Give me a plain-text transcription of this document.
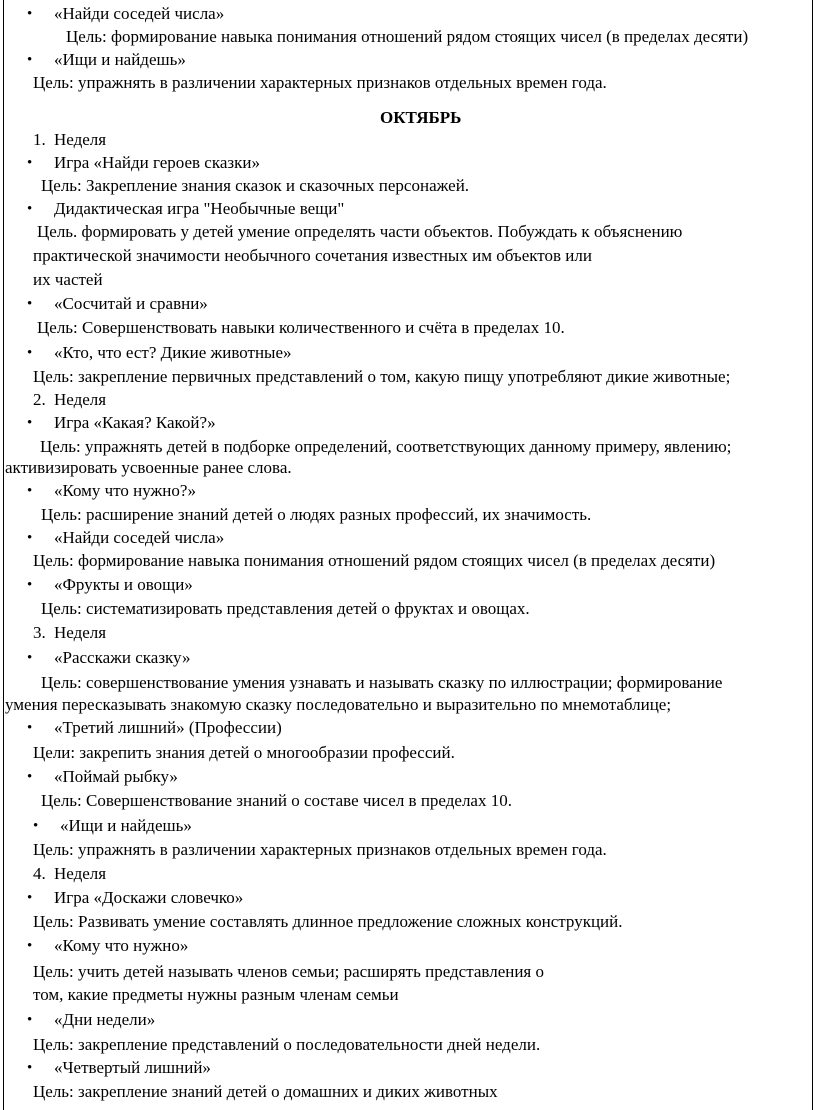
• «Найди соседей числа»
Цель: формирование навыка понимания отношений рядом стоящих чисел (в пределах десяти)
• «Ищи и найдешь»
Цель: упражнять в различении характерных признаков отдельных времен года.
ОКТЯБРЬ
1. Неделя
• Игра «Найди героев сказки»
Цель: Закрепление знания сказок и сказочных персонажей.
• Дидактическая игра "Необычные вещи"
Цель. формировать у детей умение определять части объектов. Побуждать к объяснению
практической значимости необычного сочетания известных им объектов или
их частей
• «Сосчитай и сравни»
Цель: Совершенствовать навыки количественного и счёта в пределах 10.
• «Кто, что ест? Дикие животные»
Цель: закрепление первичных представлений о том, какую пищу употребляют дикие животные;
2. Неделя
• Игра «Какая? Какой?»
Цель: упражнять детей в подборке определений, соответствующих данному примеру, явлению;
активизировать усвоенные ранее слова.
• «Кому что нужно?»
Цель: расширение знаний детей о людях разных профессий, их значимость.
• «Найди соседей числа»
Цель: формирование навыка понимания отношений рядом стоящих чисел (в пределах десяти)
• «Фрукты и овощи»
Цель: систематизировать представления детей о фруктах и овощах.
3. Неделя
• «Расскажи сказку»
Цель: совершенствование умения узнавать и называть сказку по иллюстрации; формирование
умения пересказывать знакомую сказку последовательно и выразительно по мнемотаблице;
• «Третий лишний» (Профессии)
Цели: закрепить знания детей о многообразии профессий.
• «Поймай рыбку»
Цель: Совершенствование знаний о составе чисел в пределах 10.
• «Ищи и найдешь»
Цель: упражнять в различении характерных признаков отдельных времен года.
4. Неделя
• Игра «Доскажи словечко»
Цель: Развивать умение составлять длинное предложение сложных конструкций.
• «Кому что нужно»
Цель: учить детей называть членов семьи; расширять представления о
том, какие предметы нужны разным членам семьи
• «Дни недели»
Цель: закрепление представлений о последовательности дней недели.
• «Четвертый лишний»
Цель: закрепление знаний детей о домашних и диких животных
